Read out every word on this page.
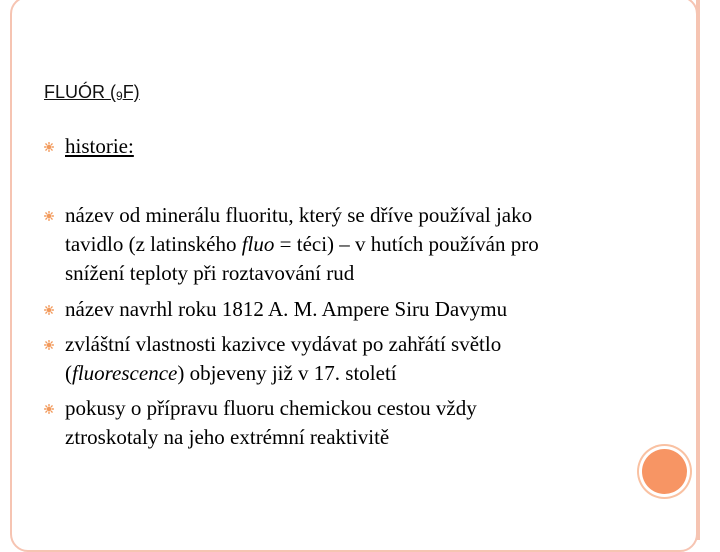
FLUÓR (9F)
historie:
název od minerálu fluoritu, který se dříve používal jako
tavidlo (z latinského fluo = téci) – v hutích používán pro
snížení teploty při roztavování rud
název navrhl roku 1812 A. M. Ampere Siru Davymu
zvláštní vlastnosti kazivce vydávat po zahřátí světlo
(fluorescence) objeveny již v 17. století
pokusy o přípravu fluoru chemickou cestou vždy
ztroskotaly na jeho extrémní reaktivitě
